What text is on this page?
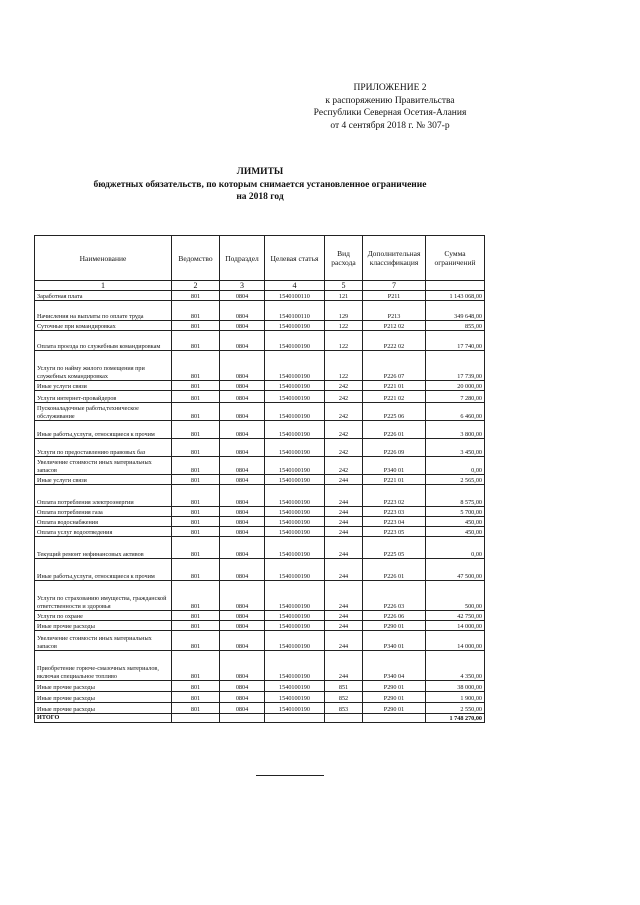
ПРИЛОЖЕНИЕ 2
к распоряжению Правительства
Республики Северная Осетия-Алания
от 4 сентября 2018 г. № 307-р
ЛИМИТЫ
бюджетных обязательств, по которым снимается установленное ограничение
на 2018 год
Наименование	Ведомство	Подраздел	Целевая статья	Вид расхода	Дополнительная классификация	Сумма ограничений
1	2	3	4	5	7	
Заработная плата	801	0804	1540100110	121	Р211	1 143 068,00
Начисления на выплаты по оплате труда	801	0804	1540100110	129	Р213	349 648,00
Суточные при командировках	801	0804	1540100190	122	Р212 02	855,00
Оплата проезда по служебным командировкам	801	0804	1540100190	122	Р222 02	17 740,00
Услуги по найму жилого помещения при служебных командировках	801	0804	1540100190	122	Р226 07	17 739,00
Иные услуги связи	801	0804	1540100190	242	Р221 01	20 000,00
Услуги интернет-провайдеров	801	0804	1540100190	242	Р221 02	7 280,00
Пусконаладочные работы,техническое обслуживание	801	0804	1540100190	242	Р225 06	6 460,00
Иные работы,услуги, относящиеся к прочим	801	0804	1540100190	242	Р226 01	3 800,00
Услуги по предоставлению правовых баз	801	0804	1540100190	242	Р226 09	3 450,00
Увеличение стоимости иных материальных запасов	801	0804	1540100190	242	Р340 01	0,00
Иные услуги связи	801	0804	1540100190	244	Р221 01	2 565,00
Оплата потребления электроэнергии	801	0804	1540100190	244	Р223 02	8 575,00
Оплата потребления газа	801	0804	1540100190	244	Р223 03	5 700,00
Оплата водоснабжения	801	0804	1540100190	244	Р223 04	450,00
Оплата услуг водоотведения	801	0804	1540100190	244	Р223 05	450,00
Текущий ремонт нефинансовых активов	801	0804	1540100190	244	Р225 05	0,00
Иные работы,услуги, относящиеся к прочим	801	0804	1540100190	244	Р226 01	47 500,00
Услуги по страхованию имущества, гражданской ответственности и здоровья	801	0804	1540100190	244	Р226 03	500,00
Услуги по охране	801	0804	1540100190	244	Р226 06	42 750,00
Иные прочие расходы	801	0804	1540100190	244	Р290 01	14 000,00
Увеличение стоимости иных материальных запасов	801	0804	1540100190	244	Р340 01	14 000,00
Приобретение горюче-смазочных материалов, включая специальное топливо	801	0804	1540100190	244	Р340 04	4 350,00
Иные прочие расходы	801	0804	1540100190	851	Р290 01	38 000,00
Иные прочие расходы	801	0804	1540100190	852	Р290 01	1 900,00
Иные прочие расходы	801	0804	1540100190	853	Р290 01	2 550,00
ИТОГО						1 748 270,00
